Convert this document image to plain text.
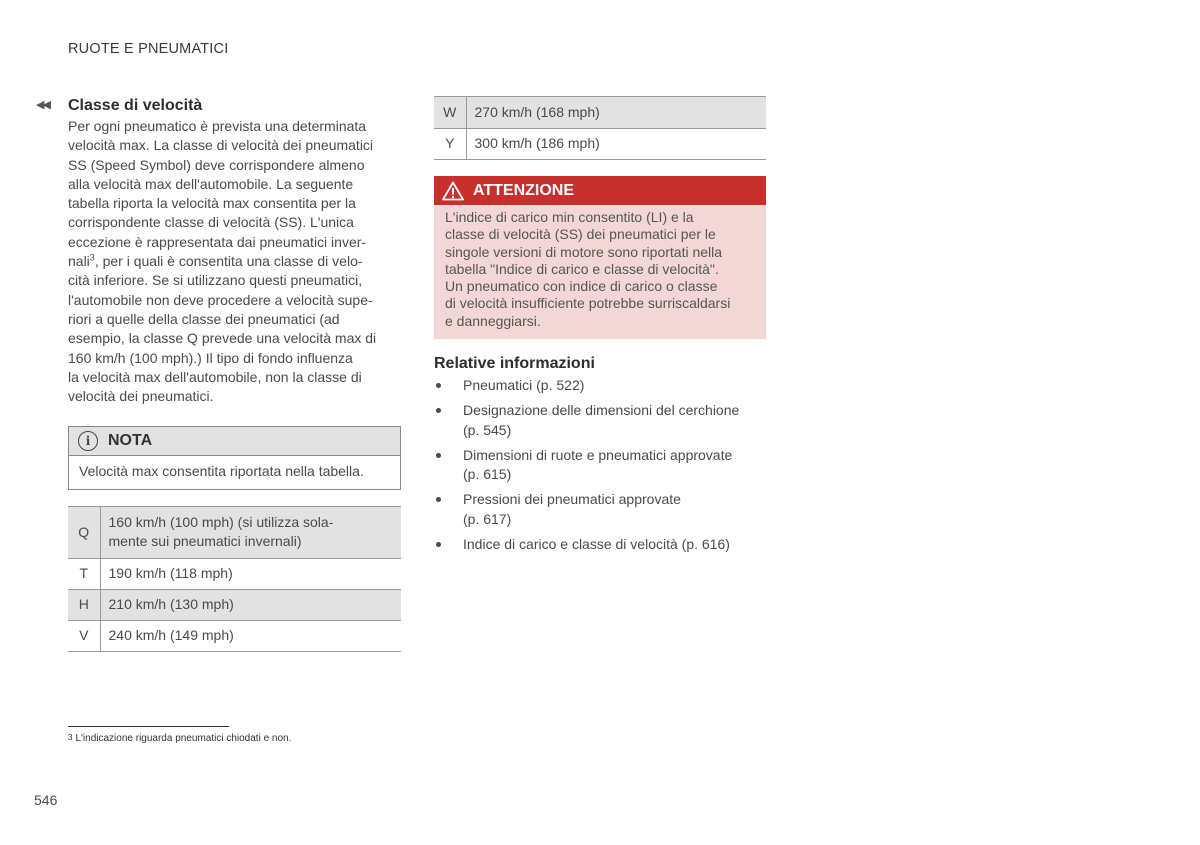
RUOTE E PNEUMATICI
◀◀ Classe di velocità
Per ogni pneumatico è prevista una determinata
velocità max. La classe di velocità dei pneumatici
SS (Speed Symbol) deve corrispondere almeno
alla velocità max dell'automobile. La seguente
tabella riporta la velocità max consentita per la
corrispondente classe di velocità (SS). L'unica
eccezione è rappresentata dai pneumatici inver-
nali$^3$, per i quali è consentita una classe di velo-
cità inferiore. Se si utilizzano questi pneumatici,
l'automobile non deve procedere a velocità supe-
riori a quelle della classe dei pneumatici (ad
esempio, la classe Q prevede una velocità max di
160 km/h (100 mph).) Il tipo di fondo influenza
la velocità max dell'automobile, non la classe di
velocità dei pneumatici.
i	NOTA
Velocità max consentita riportata nella tabella.
Q	160 km/h (100 mph) (si utilizza sola-
mente sui pneumatici invernali)
T	190 km/h (118 mph)
H	210 km/h (130 mph)
V	240 km/h (149 mph)
W	270 km/h (168 mph)
Y	300 km/h (186 mph)
ATTENZIONE
L'indice di carico min consentito (LI) e la
classe di velocità (SS) dei pneumatici per le
singole versioni di motore sono riportati nella
tabella "Indice di carico e classe di velocità".
Un pneumatico con indice di carico o classe
di velocità insufficiente potrebbe surriscaldarsi
e danneggiarsi.
Relative informazioni
Pneumatici (p. 522)
Designazione delle dimensioni del cerchione
(p. 545)
Dimensioni di ruote e pneumatici approvate
(p. 615)
Pressioni dei pneumatici approvate
(p. 617)
Indice di carico e classe di velocità (p. 616)
$^3$ L'indicazione riguarda pneumatici chiodati e non.
546
